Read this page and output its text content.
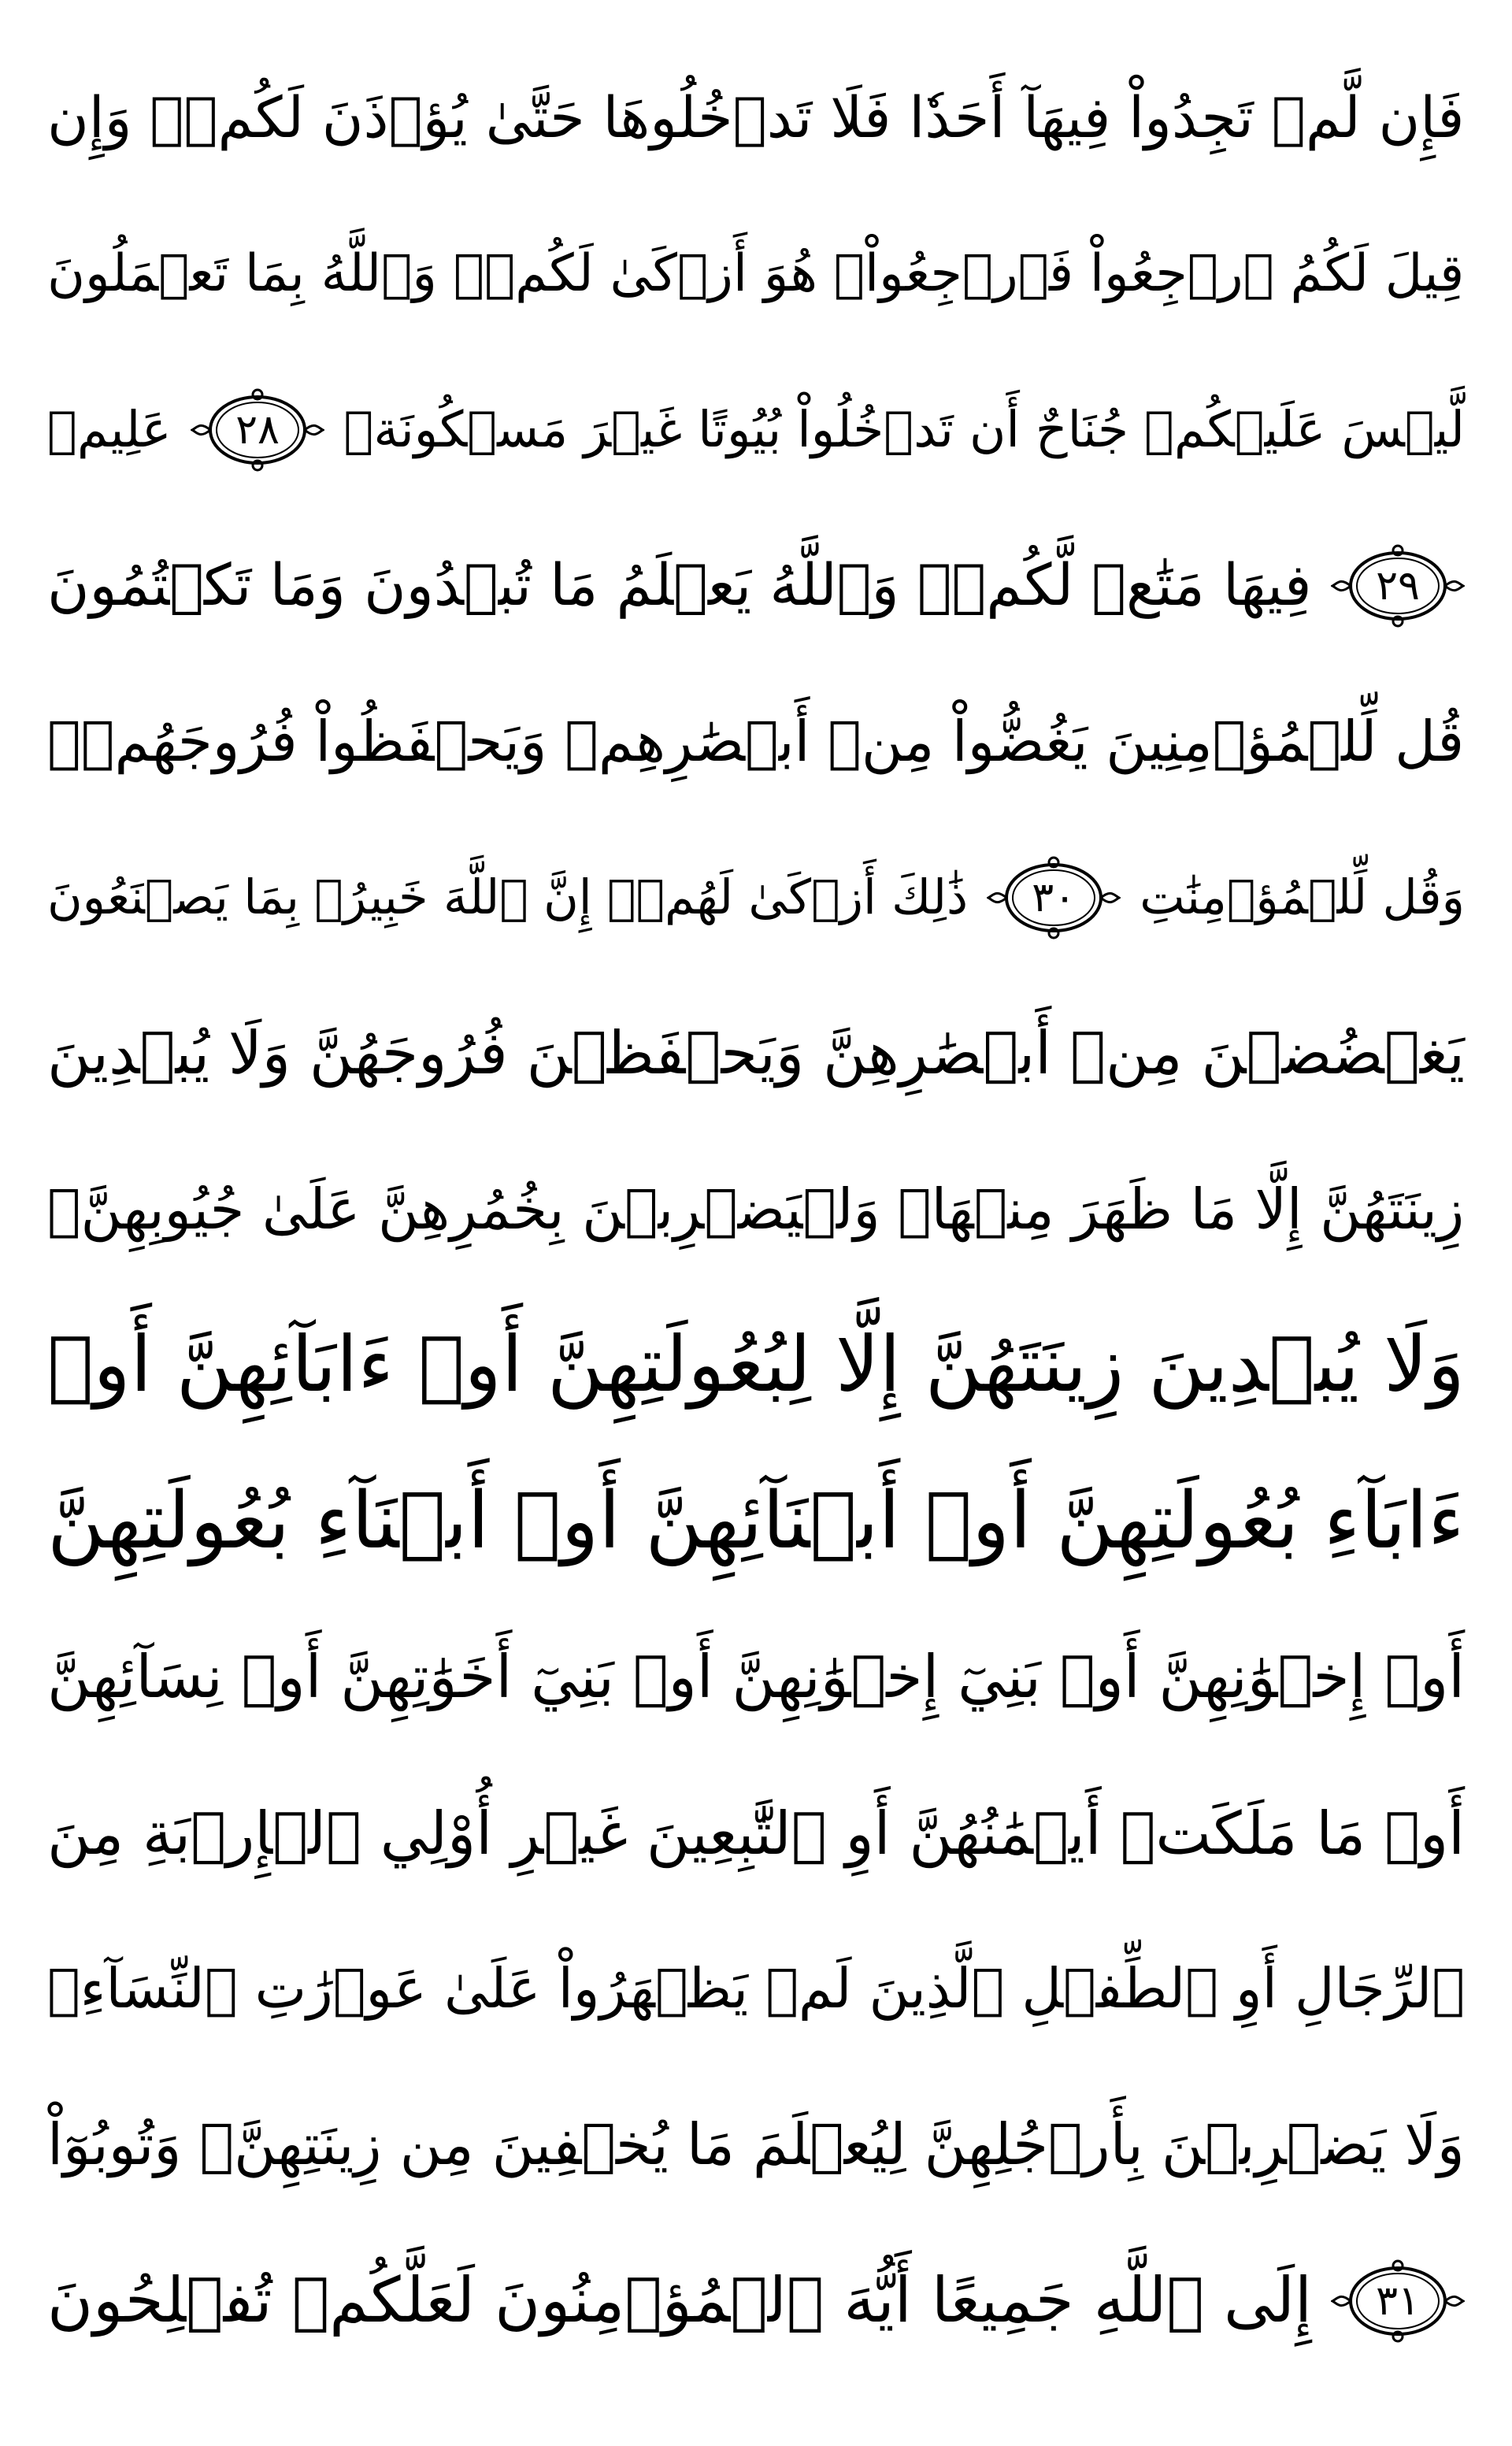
فَإِن لَّمۡ تَجِدُواْ فِيهَآ أَحَدٗا فَلَا تَدۡخُلُوهَا حَتَّىٰ يُؤۡذَنَ لَكُمۡۖ وَإِن
قِيلَ لَكُمُ ٱرۡجِعُواْ فَٱرۡجِعُواْۖ هُوَ أَزۡكَىٰ لَكُمۡۚ وَٱللَّهُ بِمَا تَعۡمَلُونَ
عَلِيمٞ ٢٨ لَّيۡسَ عَلَيۡكُمۡ جُنَاحٌ أَن تَدۡخُلُواْ بُيُوتًا غَيۡرَ مَسۡكُونَةٖ
فِيهَا مَتَٰعٞ لَّكُمۡۚ وَٱللَّهُ يَعۡلَمُ مَا تُبۡدُونَ وَمَا تَكۡتُمُونَ ٢٩
قُل لِّلۡمُؤۡمِنِينَ يَغُضُّواْ مِنۡ أَبۡصَٰرِهِمۡ وَيَحۡفَظُواْ فُرُوجَهُمۡۚ
ذَٰلِكَ أَزۡكَىٰ لَهُمۡۚ إِنَّ ٱللَّهَ خَبِيرُۢ بِمَا يَصۡنَعُونَ ٣٠ وَقُل لِّلۡمُؤۡمِنَٰتِ
يَغۡضُضۡنَ مِنۡ أَبۡصَٰرِهِنَّ وَيَحۡفَظۡنَ فُرُوجَهُنَّ وَلَا يُبۡدِينَ
زِينَتَهُنَّ إِلَّا مَا ظَهَرَ مِنۡهَاۖ وَلۡيَضۡرِبۡنَ بِخُمُرِهِنَّ عَلَىٰ جُيُوبِهِنَّۖ
وَلَا يُبۡدِينَ زِينَتَهُنَّ إِلَّا لِبُعُولَتِهِنَّ أَوۡ ءَابَآئِهِنَّ أَوۡ
ءَابَآءِ بُعُولَتِهِنَّ أَوۡ أَبۡنَآئِهِنَّ أَوۡ أَبۡنَآءِ بُعُولَتِهِنَّ
أَوۡ إِخۡوَٰنِهِنَّ أَوۡ بَنِيٓ إِخۡوَٰنِهِنَّ أَوۡ بَنِيٓ أَخَوَٰتِهِنَّ أَوۡ نِسَآئِهِنَّ
أَوۡ مَا مَلَكَتۡ أَيۡمَٰنُهُنَّ أَوِ ٱلتَّٰبِعِينَ غَيۡرِ أُوْلِي ٱلۡإِرۡبَةِ مِنَ
ٱلرِّجَالِ أَوِ ٱلطِّفۡلِ ٱلَّذِينَ لَمۡ يَظۡهَرُواْ عَلَىٰ عَوۡرَٰتِ ٱلنِّسَآءِۖ
وَلَا يَضۡرِبۡنَ بِأَرۡجُلِهِنَّ لِيُعۡلَمَ مَا يُخۡفِينَ مِن زِينَتِهِنَّۚ وَتُوبُوٓاْ
إِلَى ٱللَّهِ جَمِيعًا أَيُّهَ ٱلۡمُؤۡمِنُونَ لَعَلَّكُمۡ تُفۡلِحُونَ ٣١
